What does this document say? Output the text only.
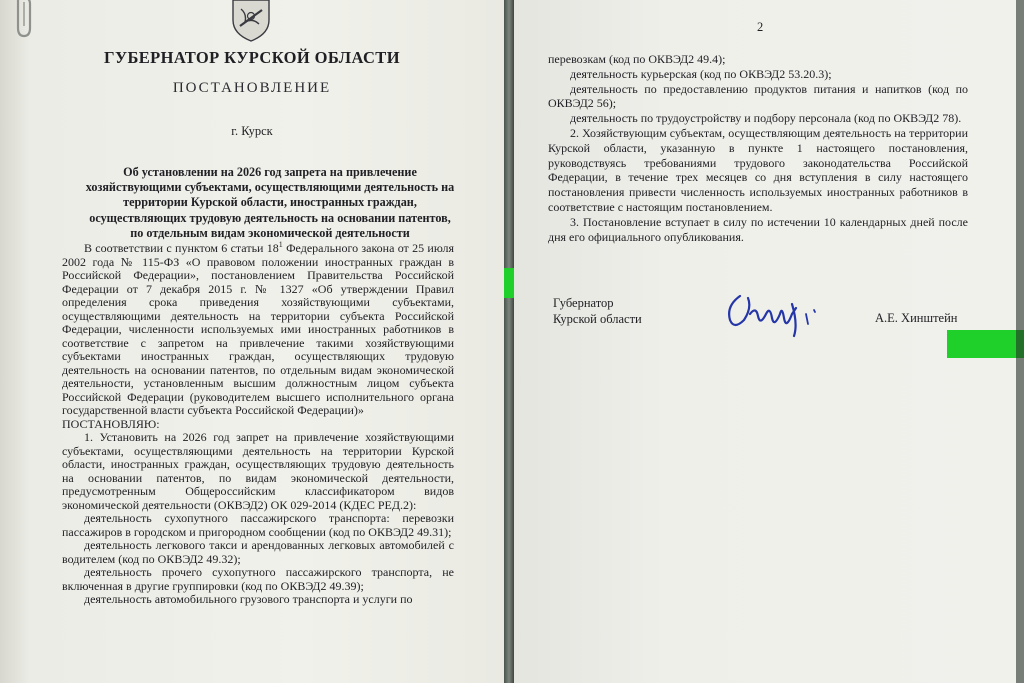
ГУБЕРНАТОР КУРСКОЙ ОБЛАСТИ
ПОСТАНОВЛЕНИЕ
г. Курск
Об установлении на 2026 год запрета на привлечение хозяйствующими субъектами, осуществляющими деятельность на территории Курской области, иностранных граждан, осуществляющих трудовую деятельность на основании патентов, по отдельным видам экономической деятельности

В соответствии с пунктом 6 статьи $18^1$ Федерального закона от 25 июля 2002 года № 115-ФЗ «О правовом положении иностранных граждан в Российской Федерации», постановлением Правительства Российской Федерации от 7 декабря 2015 г. № 1327 «Об утверждении Правил определения срока приведения хозяйствующими субъектами, осуществляющими деятельность на территории субъекта Российской Федерации, численности используемых ими иностранных работников в соответствие с запретом на привлечение такими хозяйствующими субъектами иностранных граждан, осуществляющих трудовую деятельность на основании патентов, по отдельным видам экономической деятельности, установленным высшим должностным лицом субъекта Российской Федерации (руководителем высшего исполнительного органа государственной власти субъекта Российской Федерации)»

ПОСТАНОВЛЯЮ:

1. Установить на 2026 год запрет на привлечение хозяйствующими субъектами, осуществляющими деятельность на территории Курской области, иностранных граждан, осуществляющих трудовую деятельность на основании патентов, по видам экономической деятельности, предусмотренным Общероссийским классификатором видов экономической деятельности (ОКВЭД2) ОК 029-2014 (КДЕС РЕД.2):

деятельность сухопутного пассажирского транспорта: перевозки пассажиров в городском и пригородном сообщении (код по ОКВЭД2 49.31);

деятельность легкового такси и арендованных легковых автомобилей с водителем (код по ОКВЭД2 49.32);

деятельность прочего сухопутного пассажирского транспорта, не включенная в другие группировки (код по ОКВЭД2 49.39);

деятельность автомобильного грузового транспорта и услуги по

2

перевозкам (код по ОКВЭД2 49.4);

деятельность курьерская (код по ОКВЭД2 53.20.3);

деятельность по предоставлению продуктов питания и напитков (код по ОКВЭД2 56);

деятельность по трудоустройству и подбору персонала (код по ОКВЭД2 78).

2. Хозяйствующим субъектам, осуществляющим деятельность на территории Курской области, указанную в пункте 1 настоящего постановления, руководствуясь требованиями трудового законодательства Российской Федерации, в течение трех месяцев со дня вступления в силу настоящего постановления привести численность используемых иностранных работников в соответствие с настоящим постановлением.

3. Постановление вступает в силу по истечении 10 календарных дней после дня его официального опубликования.

Губернатор
Курской области	А.Е. Хинштейн
